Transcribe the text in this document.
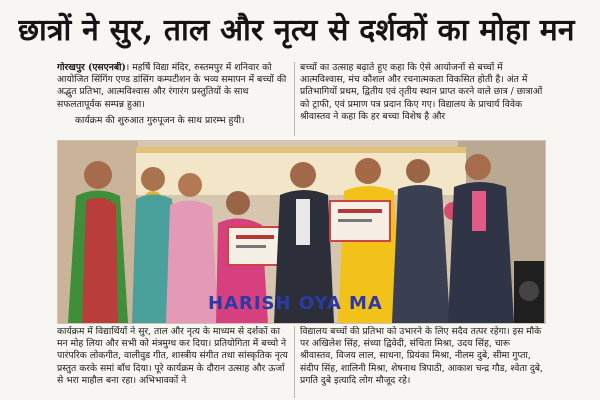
छात्रों ने सुर, ताल और नृत्य से दर्शकों का मोहा मन

गोरखपुर (एसएनबी)। महर्षि विद्या मंदिर, रुस्तमपुर में शनिवार को आयोजित सिंगिंग एण्ड डांसिंग कम्पटीशन के भव्य समापन में बच्चों की अद्भुत प्रतिभा, आत्मविश्वास और रंगारंग प्रस्तुतियों के साथ सफलतापूर्वक सम्पन्न हुआ।

कार्यक्रम की शुरुआत गुरुपूजन के साथ प्रारम्भ हुयी।

बच्चों का उत्साह बढ़ाते हुए कहा कि ऐसे आयोजनों से बच्चों में आत्मविश्वास, मंच कौशल और रचनात्मकता विकसित होती है। अंत में प्रतिभागियों प्रथम, द्वितीय एवं तृतीय स्थान प्राप्त करने वाले छात्र / छात्राओं को ट्राफी, एवं प्रमाण पत्र प्रदान किए गए। विद्यालय के प्राचार्य विवेक श्रीवास्तव ने कहा कि हर बच्चा विशेष है और

HARISH OYA MA

कार्यक्रम में विद्यार्थियों ने सुर, ताल और नृत्य के माध्यम से दर्शकों का मन मोह लिया और सभी को मंत्रमुग्ध कर दिया। प्रतियोगिता में बच्चो ने पारंपरिक लोकगीत, वालीवुड गीत, शास्त्रीय संगीत तथा सांस्कृतिक नृत्य प्रस्तुत करके समां बाँध दिया। पूरे कार्यक्रम के दौरान उत्साह और ऊर्जा से भरा माहौल बना रहा। अभिभावकों ने

विद्यालय बच्चों की प्रतिभा को उभारने के लिए सदैव तत्पर रहेगा। इस मौके पर अखिलेश सिंह, संध्या द्विवेदी, संचिता मिश्रा, उदय सिंह, चारू श्रीवास्तव, विजय लाल, साधना, प्रियंका मिश्रा, नीलम दुबे, सीमा गुप्ता, संदीप सिंह, शालिनी मिश्रा, शेषनाथ त्रिपाठी, आकाश चन्द्र गौड, श्वेता दुबे, प्रगति दुबे इत्यादि लोग मौजूद रहे।
